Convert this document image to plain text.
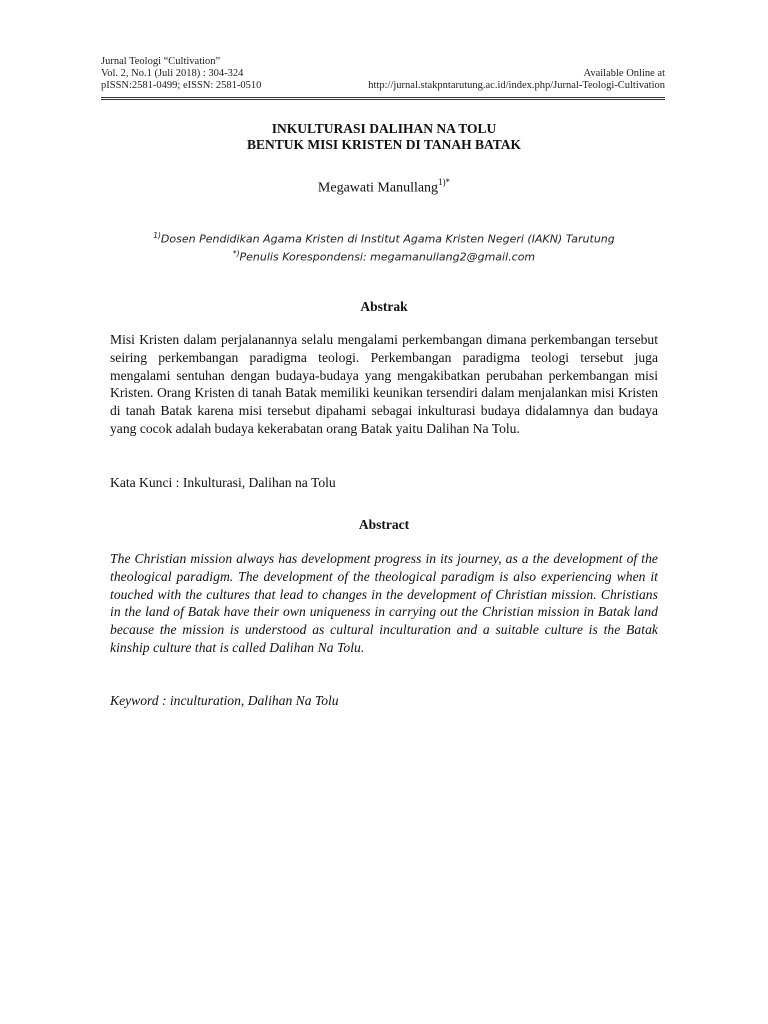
Jurnal Teologi “Cultivation”
Vol. 2, No.1 (Juli 2018) : 304-324
pISSN:2581-0499; eISSN: 2581-0510
Available Online at
http://jurnal.stakpntarutung.ac.id/index.php/Jurnal-Teologi-Cultivation
INKULTURASI DALIHAN NA TOLU
BENTUK MISI KRISTEN DI TANAH BATAK
Megawati Manullang$^{1)*}$
$^{1)}$Dosen Pendidikan Agama Kristen di Institut Agama Kristen Negeri (IAKN) Tarutung
*)Penulis Korespondensi: megamanullang2@gmail.com
Abstrak
Misi Kristen dalam perjalanannya selalu mengalami perkembangan dimana perkembangan tersebut seiring perkembangan paradigma teologi. Perkembangan paradigma teologi tersebut juga mengalami sentuhan dengan budaya-budaya yang mengakibatkan perubahan perkembangan misi Kristen. Orang Kristen di tanah Batak memiliki keunikan tersendiri dalam menjalankan misi Kristen di tanah Batak karena misi tersebut dipahami sebagai inkulturasi budaya didalamnya dan budaya yang cocok adalah budaya kekerabatan orang Batak yaitu Dalihan Na Tolu.
Kata Kunci : Inkulturasi, Dalihan na Tolu
Abstract
The Christian mission always has development progress in its journey, as a the development of the theological paradigm. The development of the theological paradigm is also experiencing when it touched with the cultures that lead to changes in the development of Christian mission. Christians in the land of Batak have their own uniqueness in carrying out the Christian mission in Batak land because the mission is understood as cultural inculturation and a suitable culture is the Batak kinship culture that is called Dalihan Na Tolu.
Keyword : inculturation, Dalihan Na Tolu
